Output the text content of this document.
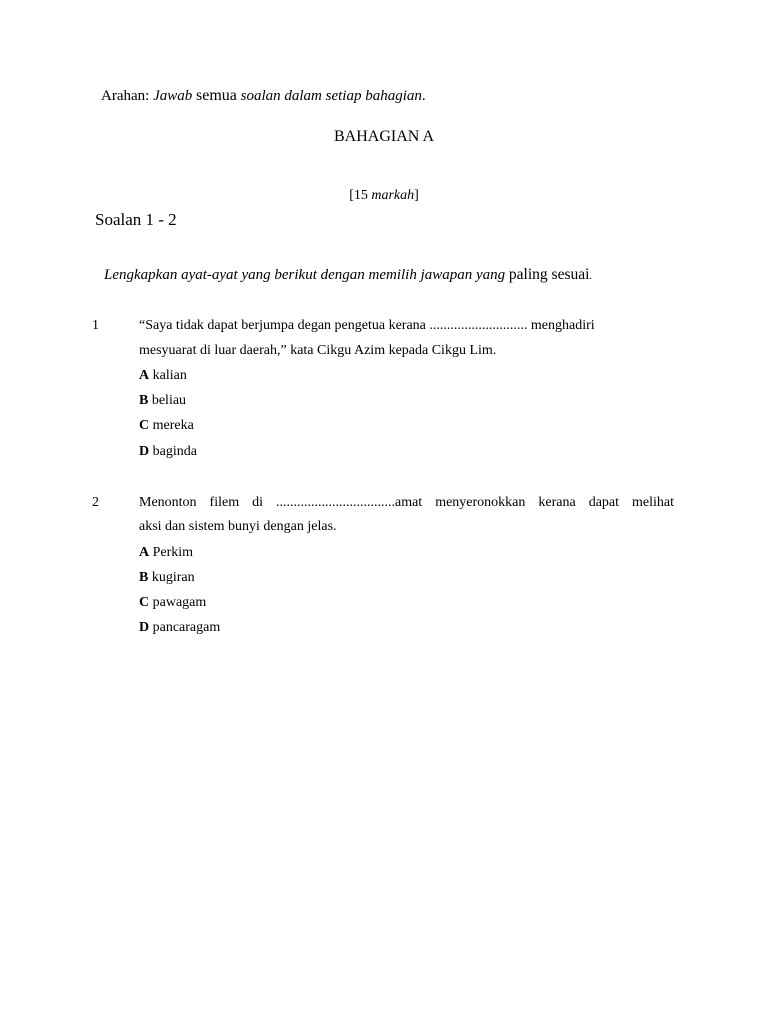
Arahan: Jawab semua soalan dalam setiap bahagian.
BAHAGIAN A
[15 markah]
Soalan 1 - 2
Lengkapkan ayat-ayat yang berikut dengan memilih jawapan yang paling sesuai.
1	“Saya tidak dapat berjumpa degan pengetua kerana ............................ menghadiri
mesyuarat di luar daerah,” kata Cikgu Azim kepada Cikgu Lim.
A kalian
B beliau
C mereka
D baginda
2	Menonton filem di ..................................amat menyeronokkan kerana dapat melihat
aksi dan sistem bunyi dengan jelas.
A Perkim
B kugiran
C pawagam
D pancaragam
